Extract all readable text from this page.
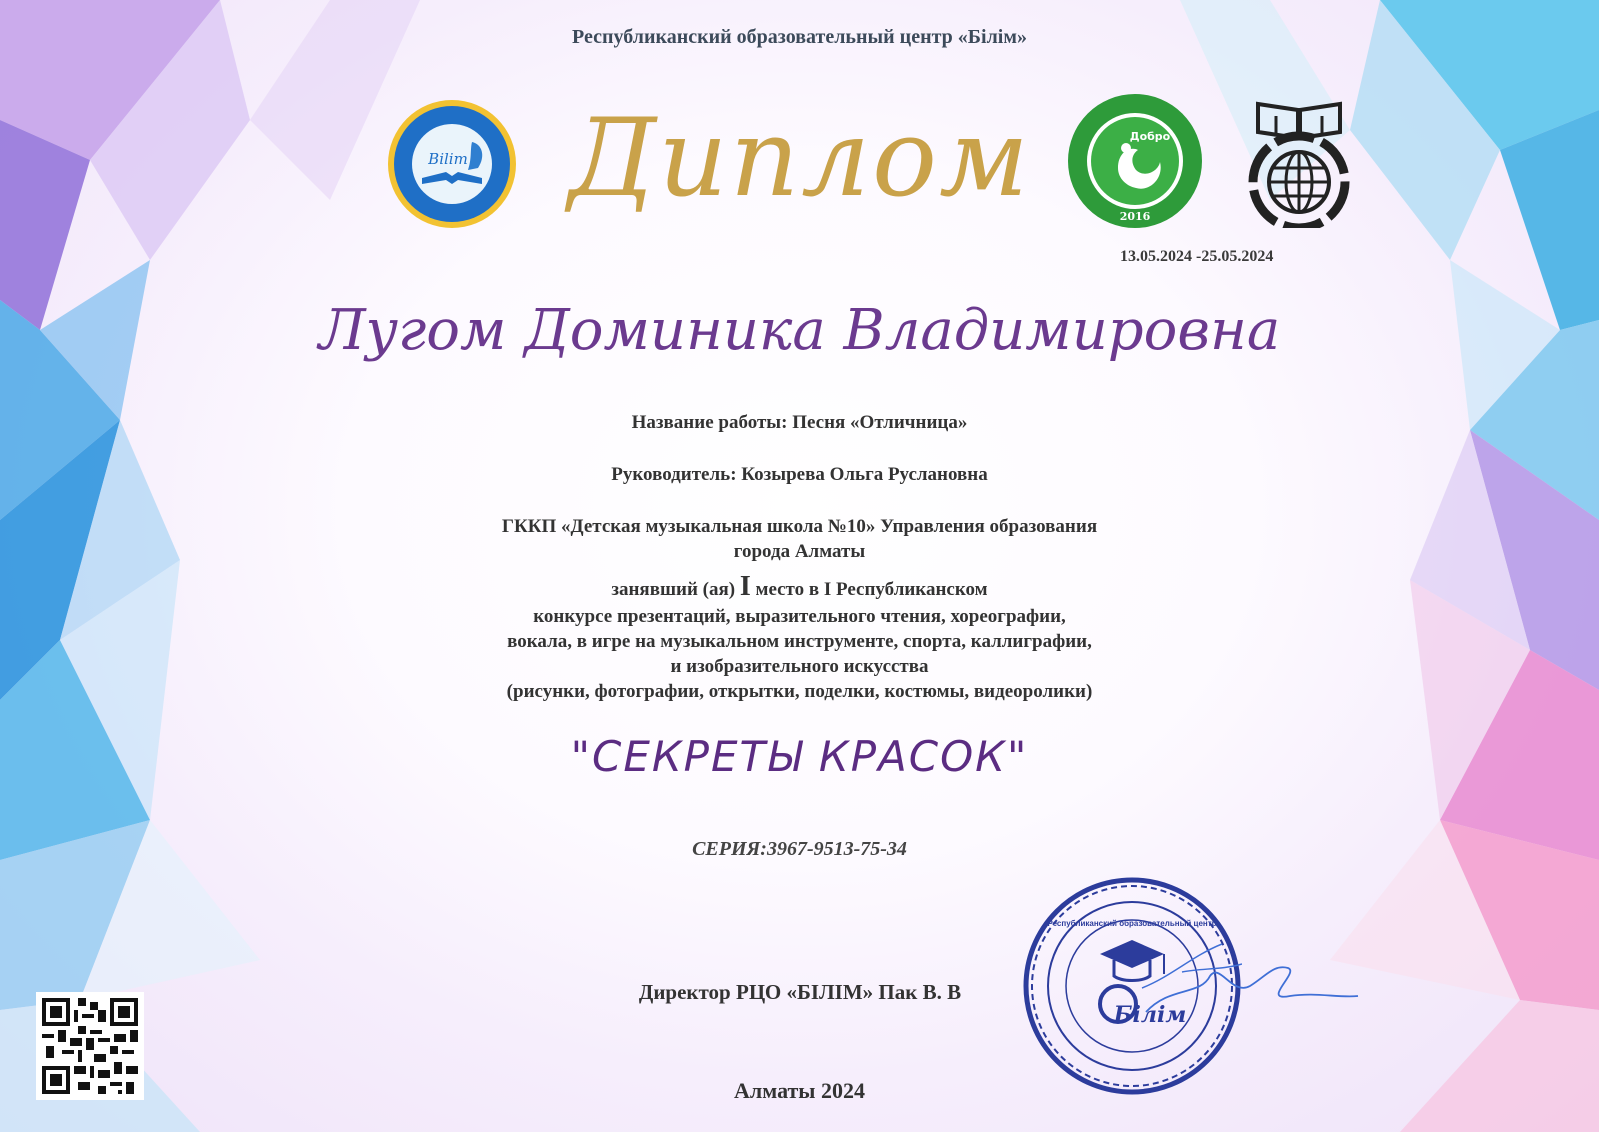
Республиканский образовательный центр «Білім»
Bilim Диплом	Добро
2016
13.05.2024 -25.05.2024
Лугом Доминика Владимировна
Название работы: Песня «Отличница»
Руководитель: Козырева Ольга Руслановна
ГККП «Детская музыкальная школа №10» Управления образования
города Алматы
занявший (ая) I место в I Республиканском
конкурсе презентаций, выразительного чтения, хореографии,
вокала, в игре на музыкальном инструменте, спорта, каллиграфии,
и изобразительного искусства
(рисунки, фотографии, открытки, поделки, костюмы, видеоролики)
"СЕКРЕТЫ КРАСОК"
СЕРИЯ:3967-9513-75-34
Директор РЦО «БІЛІМ» Пак В. В
Республиканский образовательный центр
Білім
Алматы 2024
